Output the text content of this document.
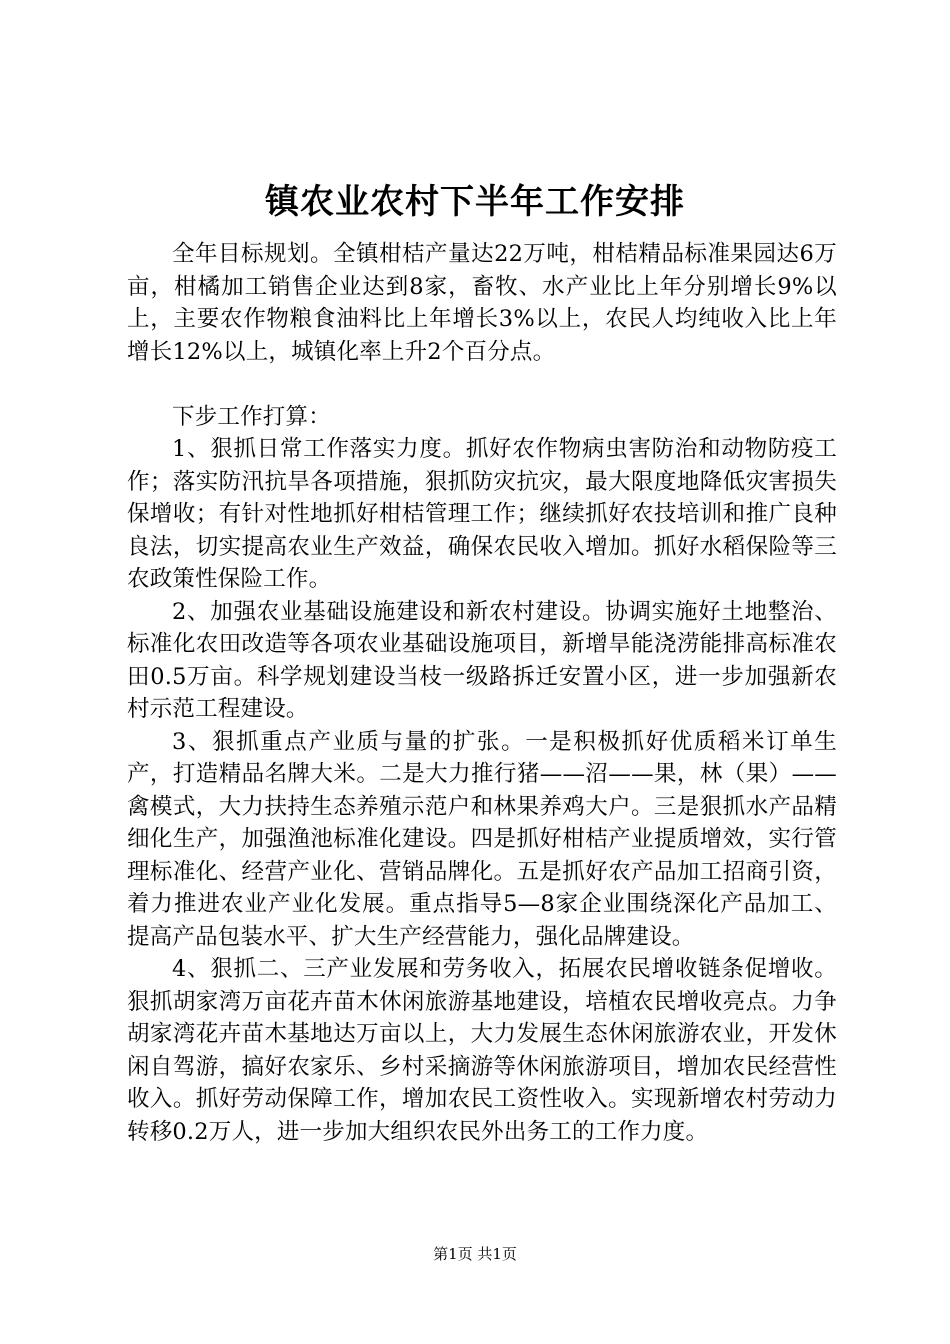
镇农业农村下半年工作安排

全年目标规划。全镇柑桔产量达22万吨，柑桔精品标准果园达6万亩，柑橘加工销售企业达到8家，畜牧、水产业比上年分别增长9%以上，主要农作物粮食油料比上年增长3%以上，农民人均纯收入比上年增长12%以上，城镇化率上升2个百分点。

下步工作打算：

1、狠抓日常工作落实力度。抓好农作物病虫害防治和动物防疫工作；落实防汛抗旱各项措施，狠抓防灾抗灾，最大限度地降低灾害损失保增收；有针对性地抓好柑桔管理工作；继续抓好农技培训和推广良种良法，切实提高农业生产效益，确保农民收入增加。抓好水稻保险等三农政策性保险工作。

2、加强农业基础设施建设和新农村建设。协调实施好土地整治、标准化农田改造等各项农业基础设施项目，新增旱能浇涝能排高标准农田0.5万亩。科学规划建设当枝一级路拆迁安置小区，进一步加强新农村示范工程建设。

3、狠抓重点产业质与量的扩张。一是积极抓好优质稻米订单生产，打造精品名牌大米。二是大力推行猪——沼——果，林（果）——禽模式，大力扶持生态养殖示范户和林果养鸡大户。三是狠抓水产品精细化生产，加强渔池标准化建设。四是抓好柑桔产业提质增效，实行管理标准化、经营产业化、营销品牌化。五是抓好农产品加工招商引资，着力推进农业产业化发展。重点指导5—8家企业围绕深化产品加工、提高产品包装水平、扩大生产经营能力，强化品牌建设。

4、狠抓二、三产业发展和劳务收入，拓展农民增收链条促增收。狠抓胡家湾万亩花卉苗木休闲旅游基地建设，培植农民增收亮点。力争胡家湾花卉苗木基地达万亩以上，大力发展生态休闲旅游农业，开发休闲自驾游，搞好农家乐、乡村采摘游等休闲旅游项目，增加农民经营性收入。抓好劳动保障工作，增加农民工资性收入。实现新增农村劳动力转移0.2万人，进一步加大组织农民外出务工的工作力度。

第1页 共1页
